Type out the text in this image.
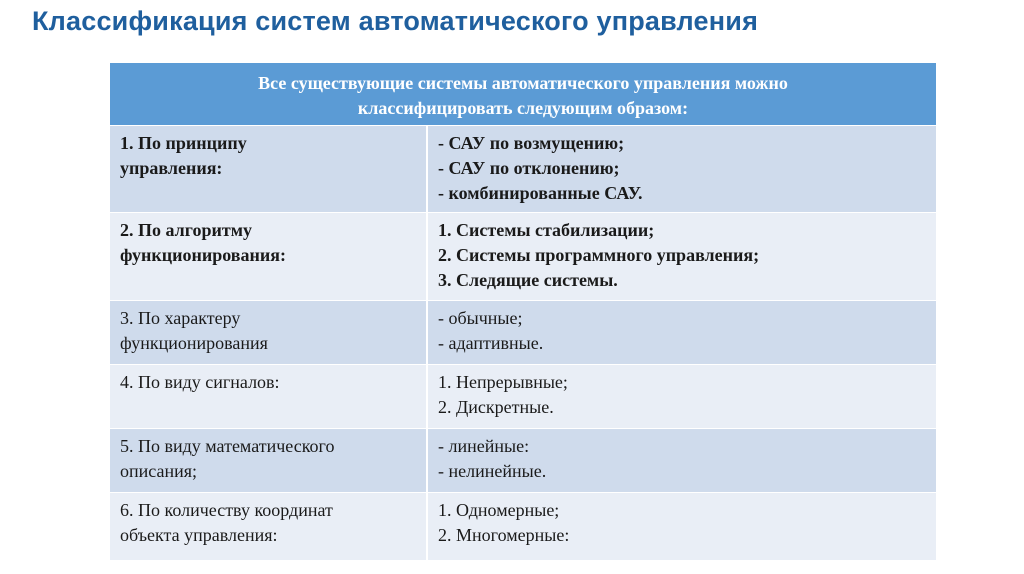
Классификация систем автоматического управления
Все существующие системы автоматического управления можно
классифицировать следующим образом:	

1. По принципу
управления:	- САУ по возмущению;
- САУ по отклонению;
- комбинированные САУ.

2. По алгоритму
функционирования:	1. Системы стабилизации;
2. Системы программного управления;
3. Следящие системы.

3. По характеру
функционирования	- обычные;
- адаптивные.

4. По виду сигналов:	1. Непрерывные;
2. Дискретные.

5. По виду математического
описания;	- линейные:
- нелинейные.

6. По количеству координат
объекта управления:	1. Одномерные;
2. Многомерные:
